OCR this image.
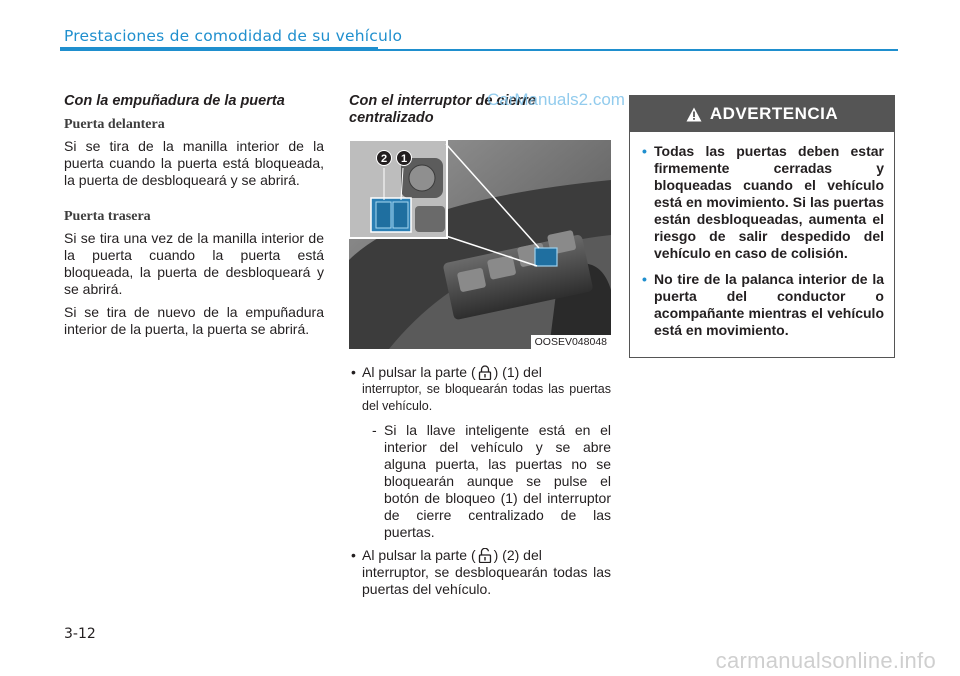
Prestaciones de comodidad de su vehículo
Con la empuñadura de la puerta
Puerta delantera

Si se tira de la manilla interior de la puerta cuando la puerta está bloqueada, la puerta de desbloqueará y se abrirá.

Puerta trasera

Si se tira una vez de la manilla interior de la puerta cuando la puerta está bloqueada, la puerta de desbloqueará y se abrirá.

Si se tira de nuevo de la empuñadura interior de la puerta, la puerta se abrirá.

Con el interruptor de cierre centralizado
2 1
OOSEV048048
• Al pulsar la parte ( ) (1) del
interruptor, se bloquearán todas las puertas del vehículo.
- Si la llave inteligente está en el interior del vehículo y se abre alguna puerta, las puertas no se bloquearán aunque se pulse el botón de bloqueo (1) del interruptor de cierre centralizado de las puertas.
• Al pulsar la parte ( ) (2) del
interruptor, se desbloquearán todas las puertas del vehículo.
CarManuals2.com
ADVERTENCIA
• Todas las puertas deben estar firmemente cerradas y bloqueadas cuando el vehículo está en movimiento. Si las puertas están desbloqueadas, aumenta el riesgo de salir despedido del vehículo en caso de colisión.
• No tire de la palanca interior de la puerta del conductor o acompañante mientras el vehículo está en movimiento.
3-12
carmanualsonline.info
